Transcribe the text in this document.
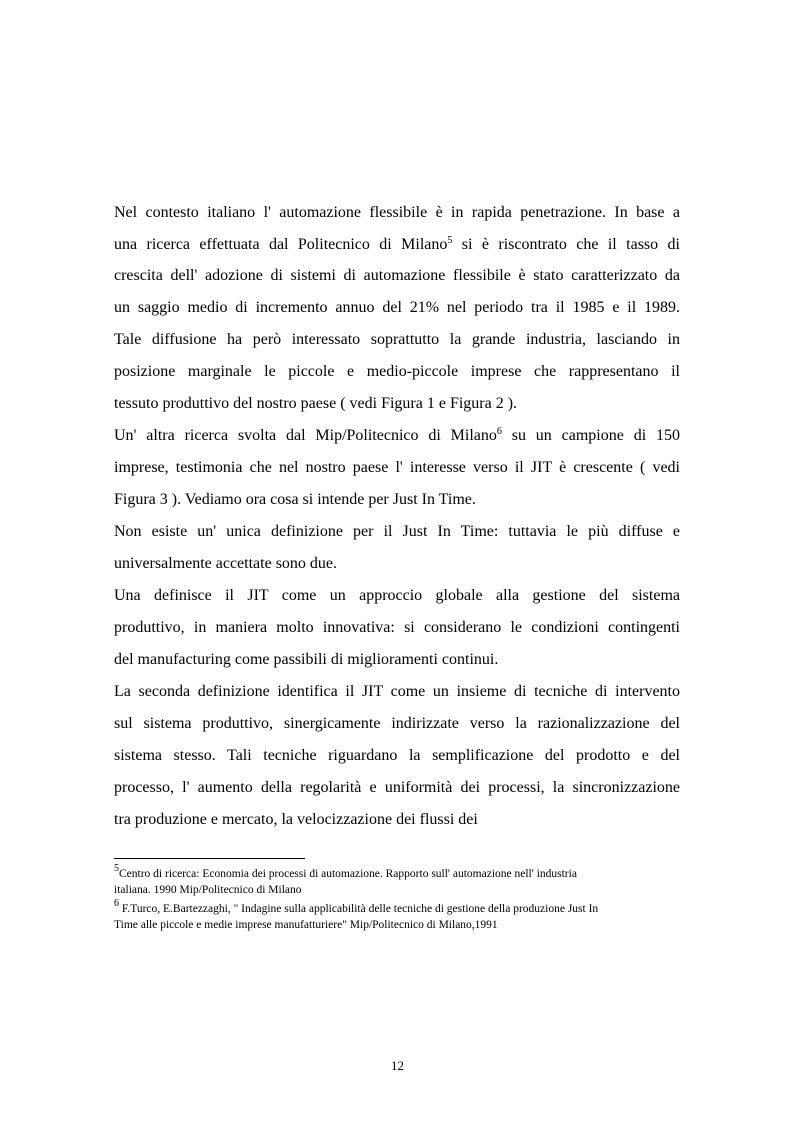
Nel contesto italiano l' automazione flessibile è in rapida penetrazione. In base a
una ricerca effettuata dal Politecnico di Milano$^5$ si è riscontrato che il tasso di
crescita dell' adozione di sistemi di automazione flessibile è stato caratterizzato da
un saggio medio di incremento annuo del 21% nel periodo tra il 1985 e il 1989.
Tale diffusione ha però interessato soprattutto la grande industria, lasciando in
posizione marginale le piccole e medio-piccole imprese che rappresentano il
tessuto produttivo del nostro paese ( vedi Figura 1 e Figura 2 ).
Un' altra ricerca svolta dal Mip/Politecnico di Milano$^6$ su un campione di 150
imprese, testimonia che nel nostro paese l' interesse verso il JIT è crescente ( vedi
Figura 3 ). Vediamo ora cosa si intende per Just In Time.
Non esiste un' unica definizione per il Just In Time: tuttavia le più diffuse e
universalmente accettate sono due.
Una definisce il JIT come un approccio globale alla gestione del sistema
produttivo, in maniera molto innovativa: si considerano le condizioni contingenti
del manufacturing come passibili di miglioramenti continui.
La seconda definizione identifica il JIT come un insieme di tecniche di intervento
sul sistema produttivo, sinergicamente indirizzate verso la razionalizzazione del
sistema stesso. Tali tecniche riguardano la semplificazione del prodotto e del
processo, l' aumento della regolarità e uniformità dei processi, la sincronizzazione
tra produzione e mercato, la velocizzazione dei flussi dei
$^5$Centro di ricerca: Economia dei processi di automazione. Rapporto sull' automazione nell' industria
italiana. 1990 Mip/Politecnico di Milano
$^6$ F.Turco, E.Bartezzaghi, " Indagine sulla applicabilità delle tecniche di gestione della produzione Just In
Time alle piccole e medie imprese manufatturiere" Mip/Politecnico di Milano,1991
12
